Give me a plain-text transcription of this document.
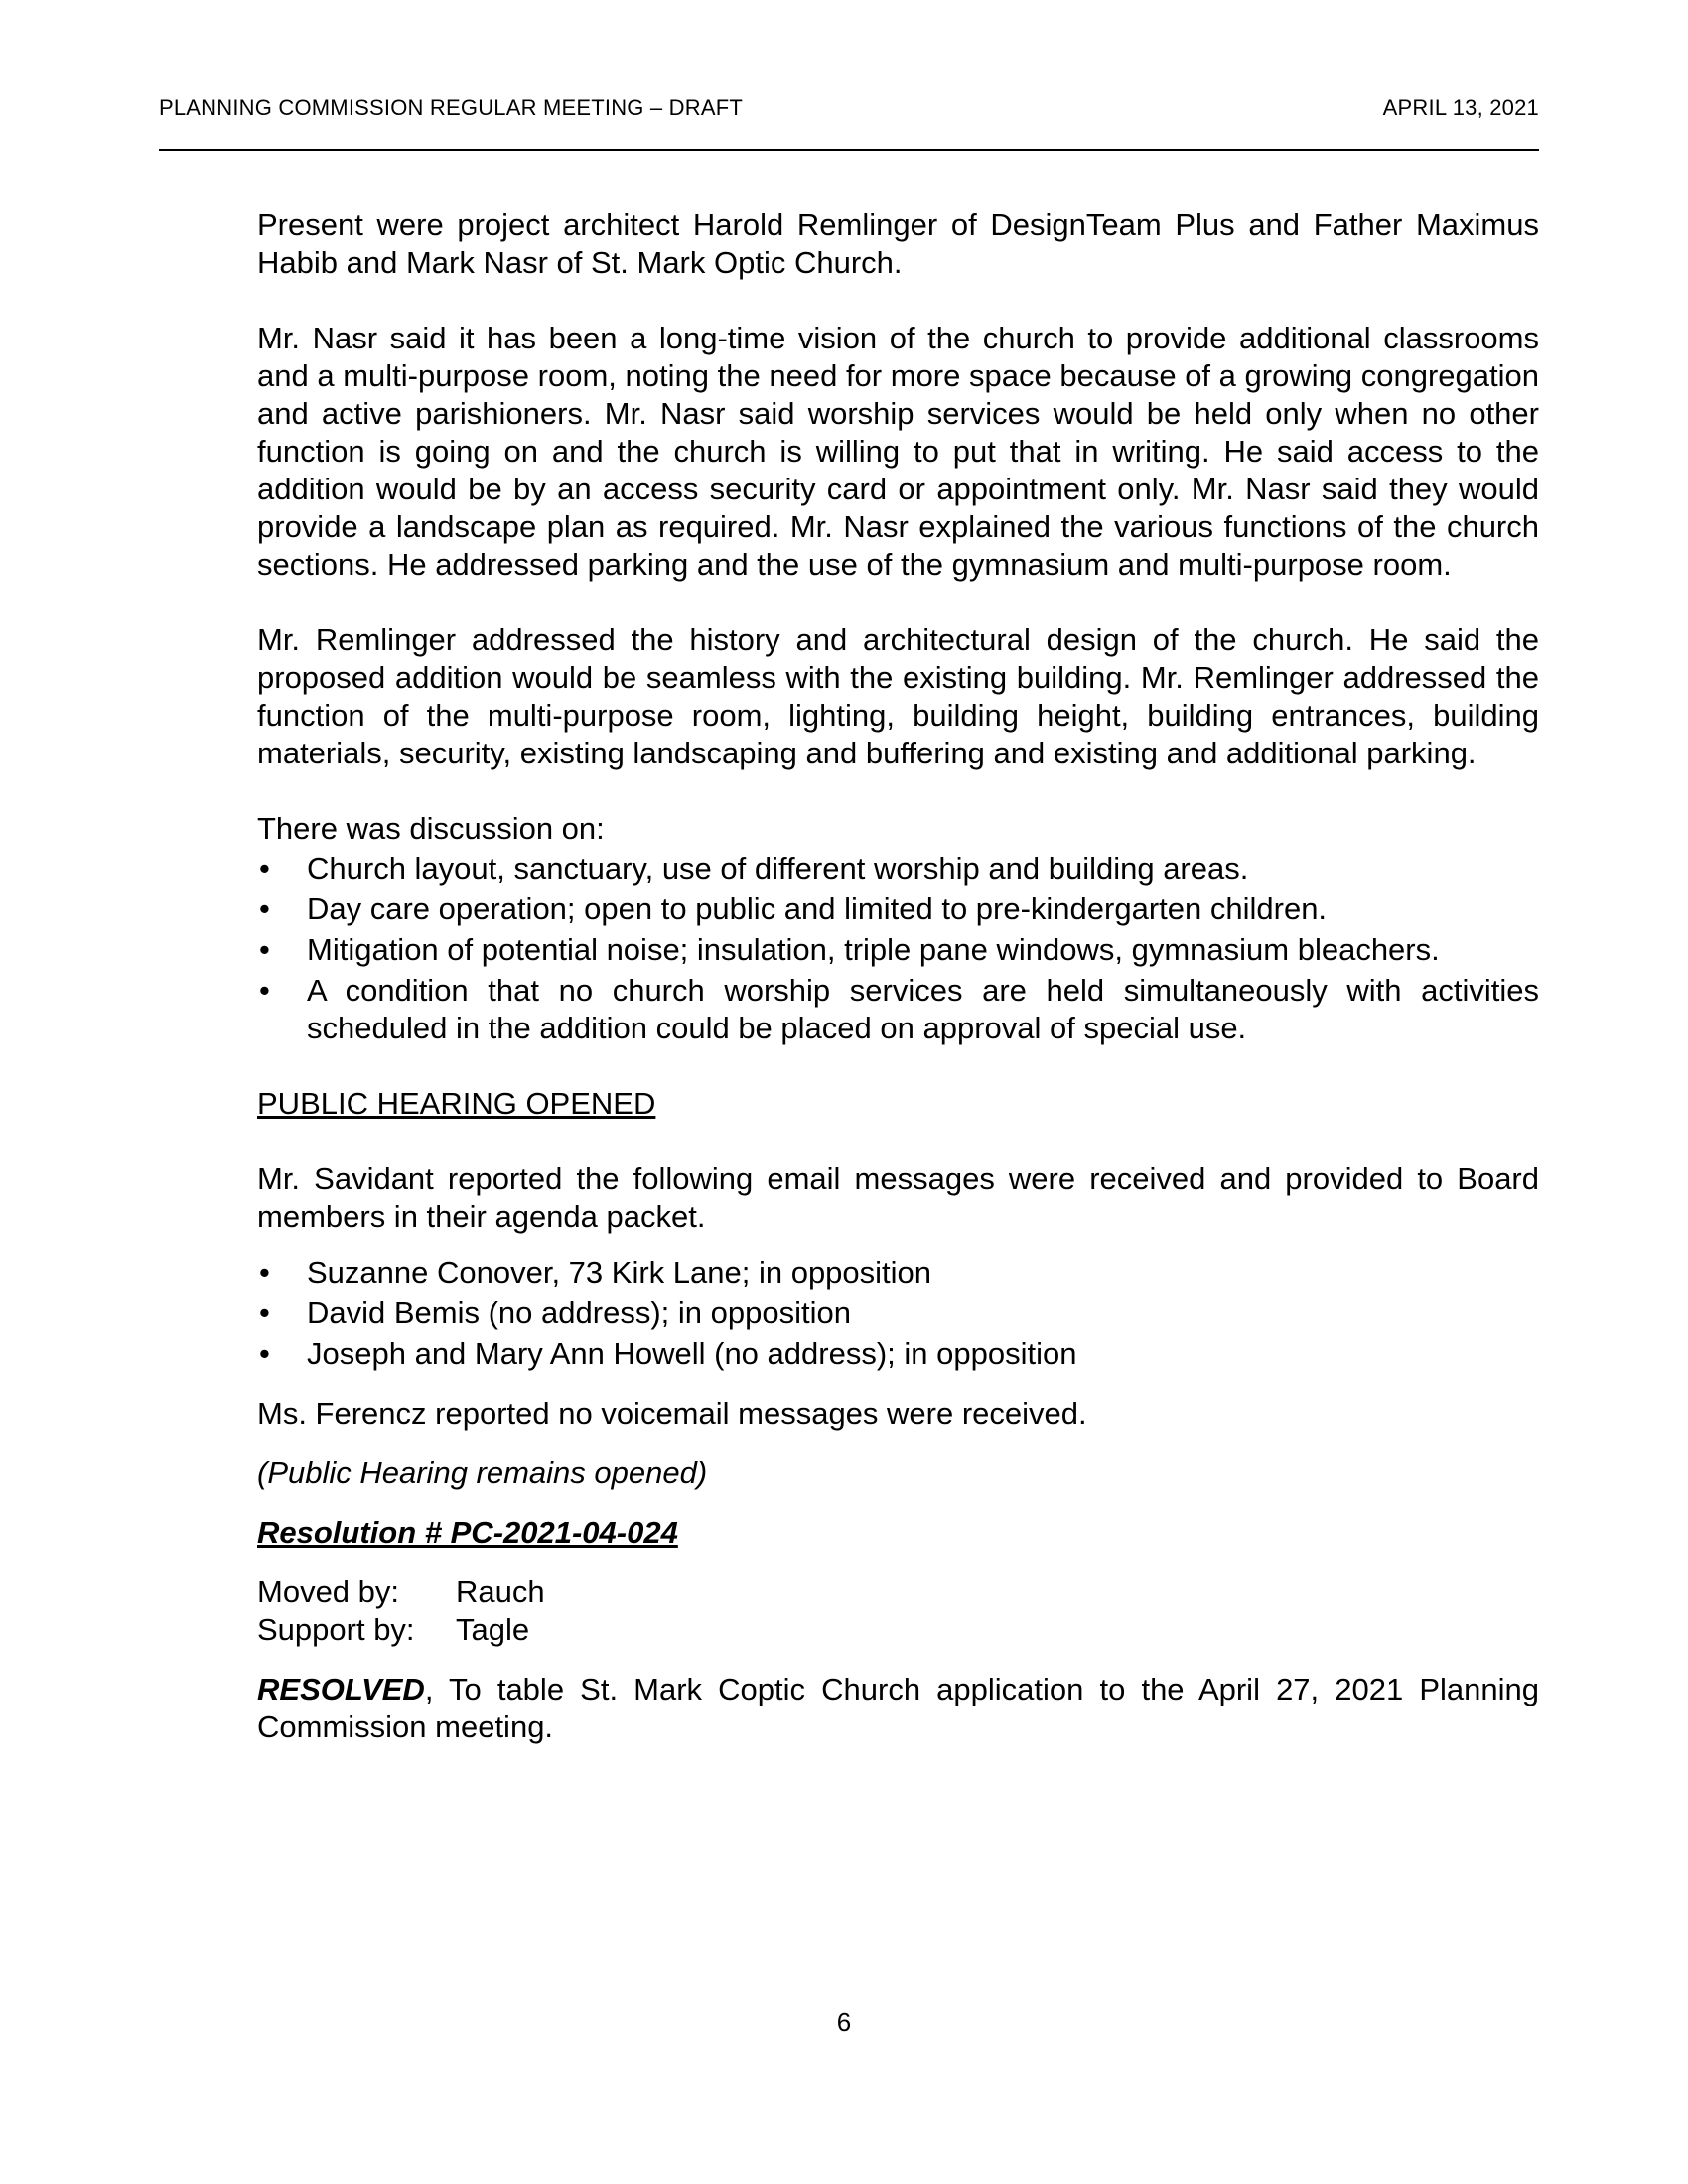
PLANNING COMMISSION REGULAR MEETING – DRAFT	APRIL 13, 2021

Present were project architect Harold Remlinger of DesignTeam Plus and Father Maximus Habib and Mark Nasr of St. Mark Optic Church.

Mr. Nasr said it has been a long-time vision of the church to provide additional classrooms and a multi-purpose room, noting the need for more space because of a growing congregation and active parishioners. Mr. Nasr said worship services would be held only when no other function is going on and the church is willing to put that in writing. He said access to the addition would be by an access security card or appointment only. Mr. Nasr said they would provide a landscape plan as required. Mr. Nasr explained the various functions of the church sections. He addressed parking and the use of the gymnasium and multi-purpose room.

Mr. Remlinger addressed the history and architectural design of the church. He said the proposed addition would be seamless with the existing building. Mr. Remlinger addressed the function of the multi-purpose room, lighting, building height, building entrances, building materials, security, existing landscaping and buffering and existing and additional parking.

There was discussion on:

• Church layout, sanctuary, use of different worship and building areas.
• Day care operation; open to public and limited to pre-kindergarten children.
• Mitigation of potential noise; insulation, triple pane windows, gymnasium bleachers.
• A condition that no church worship services are held simultaneously with activities scheduled in the addition could be placed on approval of special use.

PUBLIC HEARING OPENED

Mr. Savidant reported the following email messages were received and provided to Board members in their agenda packet.

• Suzanne Conover, 73 Kirk Lane; in opposition
• David Bemis (no address); in opposition
• Joseph and Mary Ann Howell (no address); in opposition

Ms. Ferencz reported no voicemail messages were received.

(Public Hearing remains opened)

Resolution # PC-2021-04-024

Moved by:	Rauch
Support by:	Tagle

RESOLVED, To table St. Mark Coptic Church application to the April 27, 2021 Planning Commission meeting.

6
